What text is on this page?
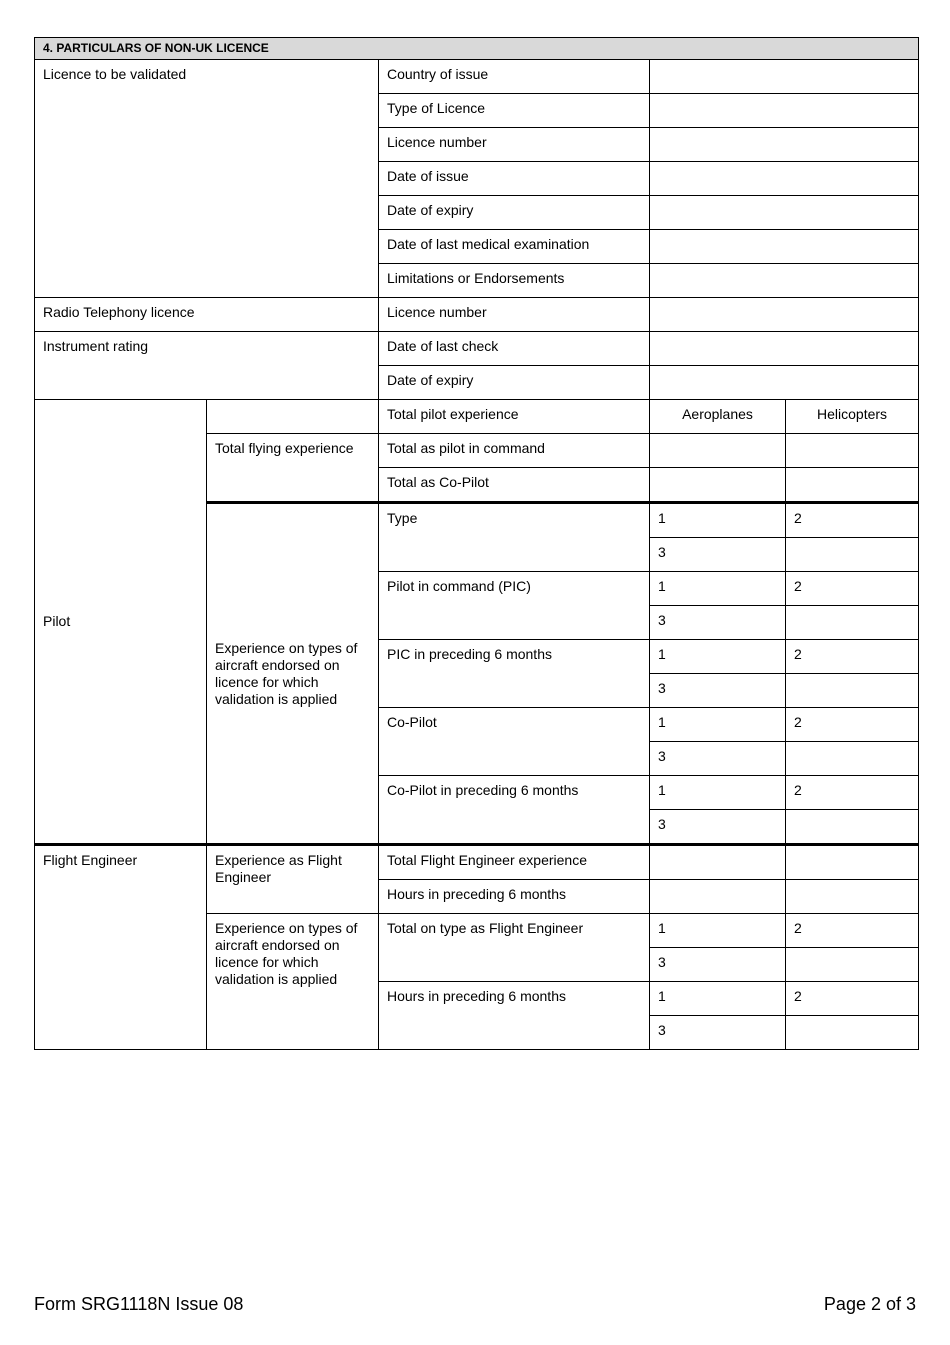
4. PARTICULARS OF NON-UK LICENCE				
Licence to be validated		Country of issue		
		Type of Licence		
		Licence number		
		Date of issue		
		Date of expiry		
		Date of last medical examination		
		Limitations or Endorsements		
Radio Telephony licence		Licence number		
Instrument rating		Date of last check		
		Date of expiry		
Pilot		Total pilot experience	Aeroplanes	Helicopters
	Total flying experience	Total as pilot in command		
		Total as Co-Pilot		
	Experience on types of aircraft endorsed on licence for which validation is applied	Type	1	2
			3	
		Pilot in command (PIC)	1	2
			3	
		PIC in preceding 6 months	1	2
			3	
		Co-Pilot	1	2
			3	
		Co-Pilot in preceding 6 months	1	2
			3	
Flight Engineer	Experience as Flight Engineer	Total Flight Engineer experience		
		Hours in preceding 6 months		
	Experience on types of aircraft endorsed on licence for which validation is applied	Total on type as Flight Engineer	1	2
			3	
		Hours in preceding 6 months	1	2
			3	
Form SRG1118N Issue 08	Page 2 of 3
